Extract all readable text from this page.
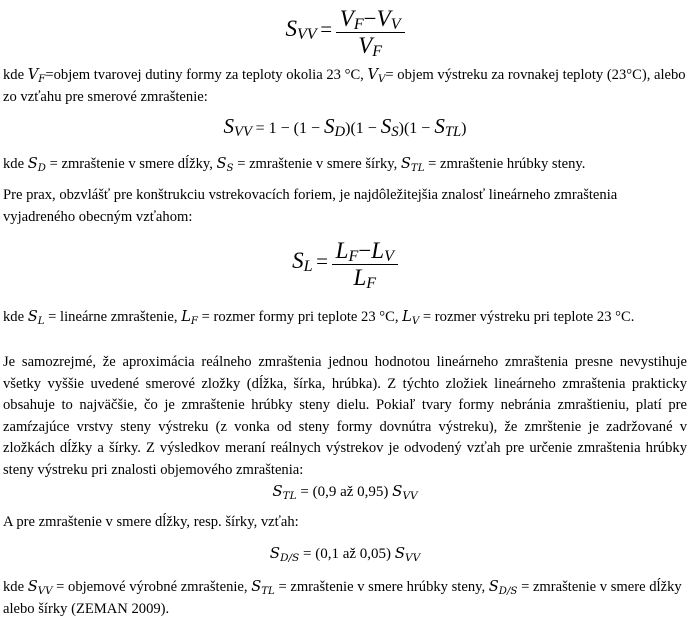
$S_{VV} = \frac{V_F-V_V}{V_F}$

kde $V_F=objem$ tvarovej dutiny formy za teploty okolia 23 °C, $V_V=$ objem výstreku za rovnakej teploty (23°C), alebo zo vzťahu pre smerové zmraštenie:

$S_{VV} = 1 - (1 - S_D)(1 - S_S)(1 - S_{TL})$

kde $S_D$ = zmraštenie v smere dĺžky, $S_S$ = zmraštenie v smere šírky, $S_{TL}$ = zmraštenie hrúbky steny.

Pre prax, obzvlášť pre konštrukciu vstrekovacích foriem, je najdôležitejšia znalosť lineárneho zmraštenia vyjadreného obecným vzťahom:

$S_L = \frac{L_F-L_V}{L_F}$

kde $S_L$ = lineárne zmraštenie, $L_F$ = rozmer formy pri teplote 23 °C, $L_V$ = rozmer výstreku pri teplote 23 °C.

Je samozrejmé, že aproximácia reálneho zmraštenia jednou hodnotou lineárneho zmraštenia presne nevystihuje všetky vyššie uvedené smerové zložky (dĺžka, šírka, hrúbka). Z týchto zložiek lineárneho zmraštenia prakticky obsahuje to najväčšie, čo je zmraštenie hrúbky steny dielu. Pokiaľ tvary formy nebránia zmraštieniu, platí pre zamŕzajúce vrstvy steny výstreku (z vonka od steny formy dovnútra výstreku), že zmrštenie je zadržované v zložkách dĺžky a šírky. Z výsledkov meraní reálnych výstrekov je odvodený vzťah pre určenie zmraštenia hrúbky steny výstreku pri znalosti objemového zmraštenia:

$S_{TL} = (0,9$ až 0,95) $S_{VV}$

A pre zmraštenie v smere dĺžky, resp. šírky, vzťah:

$S_{D/S} = (0,1$ až 0,05) $S_{VV}$

kde $S_{VV}$ = objemové výrobné zmraštenie, $S_{TL}$ = zmraštenie v smere hrúbky steny, $S_{D/S}$ = zmraštenie v smere dĺžky alebo šírky (ZEMAN 2009).
